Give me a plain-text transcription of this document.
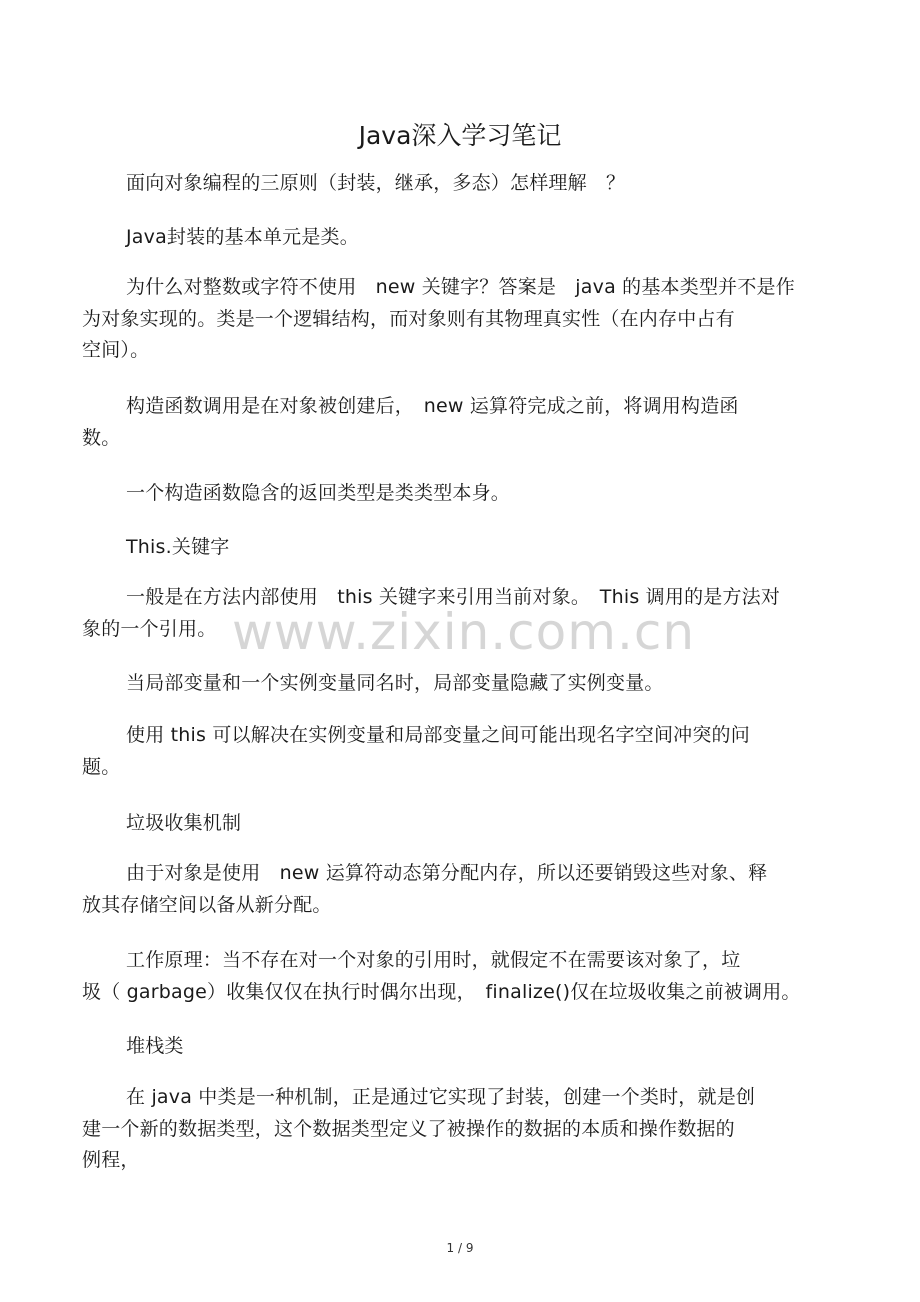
Java深入学习笔记
面向对象编程的三原则（封装，继承，多态）怎样理解　？
Java封装的基本单元是类。
为什么对整数或字符不使用　new 关键字？答案是　java 的基本类型并不是作
为对象实现的。类是一个逻辑结构，而对象则有其物理真实性（在内存中占有
空间）。
构造函数调用是在对象被创建后，　new 运算符完成之前，将调用构造函
数。
一个构造函数隐含的返回类型是类类型本身。
This.关键字
一般是在方法内部使用　this 关键字来引用当前对象。　This 调用的是方法对
象的一个引用。
当局部变量和一个实例变量同名时，局部变量隐藏了实例变量。
使用 this 可以解决在实例变量和局部变量之间可能出现名字空间冲突的问
题。
垃圾收集机制
由于对象是使用　new 运算符动态第分配内存，所以还要销毁这些对象、释
放其存储空间以备从新分配。
工作原理：当不存在对一个对象的引用时，就假定不在需要该对象了，垃
圾（ garbage）收集仅仅在执行时偶尔出现，　finalize()仅在垃圾收集之前被调用。
堆栈类
在 java 中类是一种机制，正是通过它实现了封装，创建一个类时，就是创
建一个新的数据类型，这个数据类型定义了被操作的数据的本质和操作数据的
例程，
www.zixin.com.cn
1 / 9
